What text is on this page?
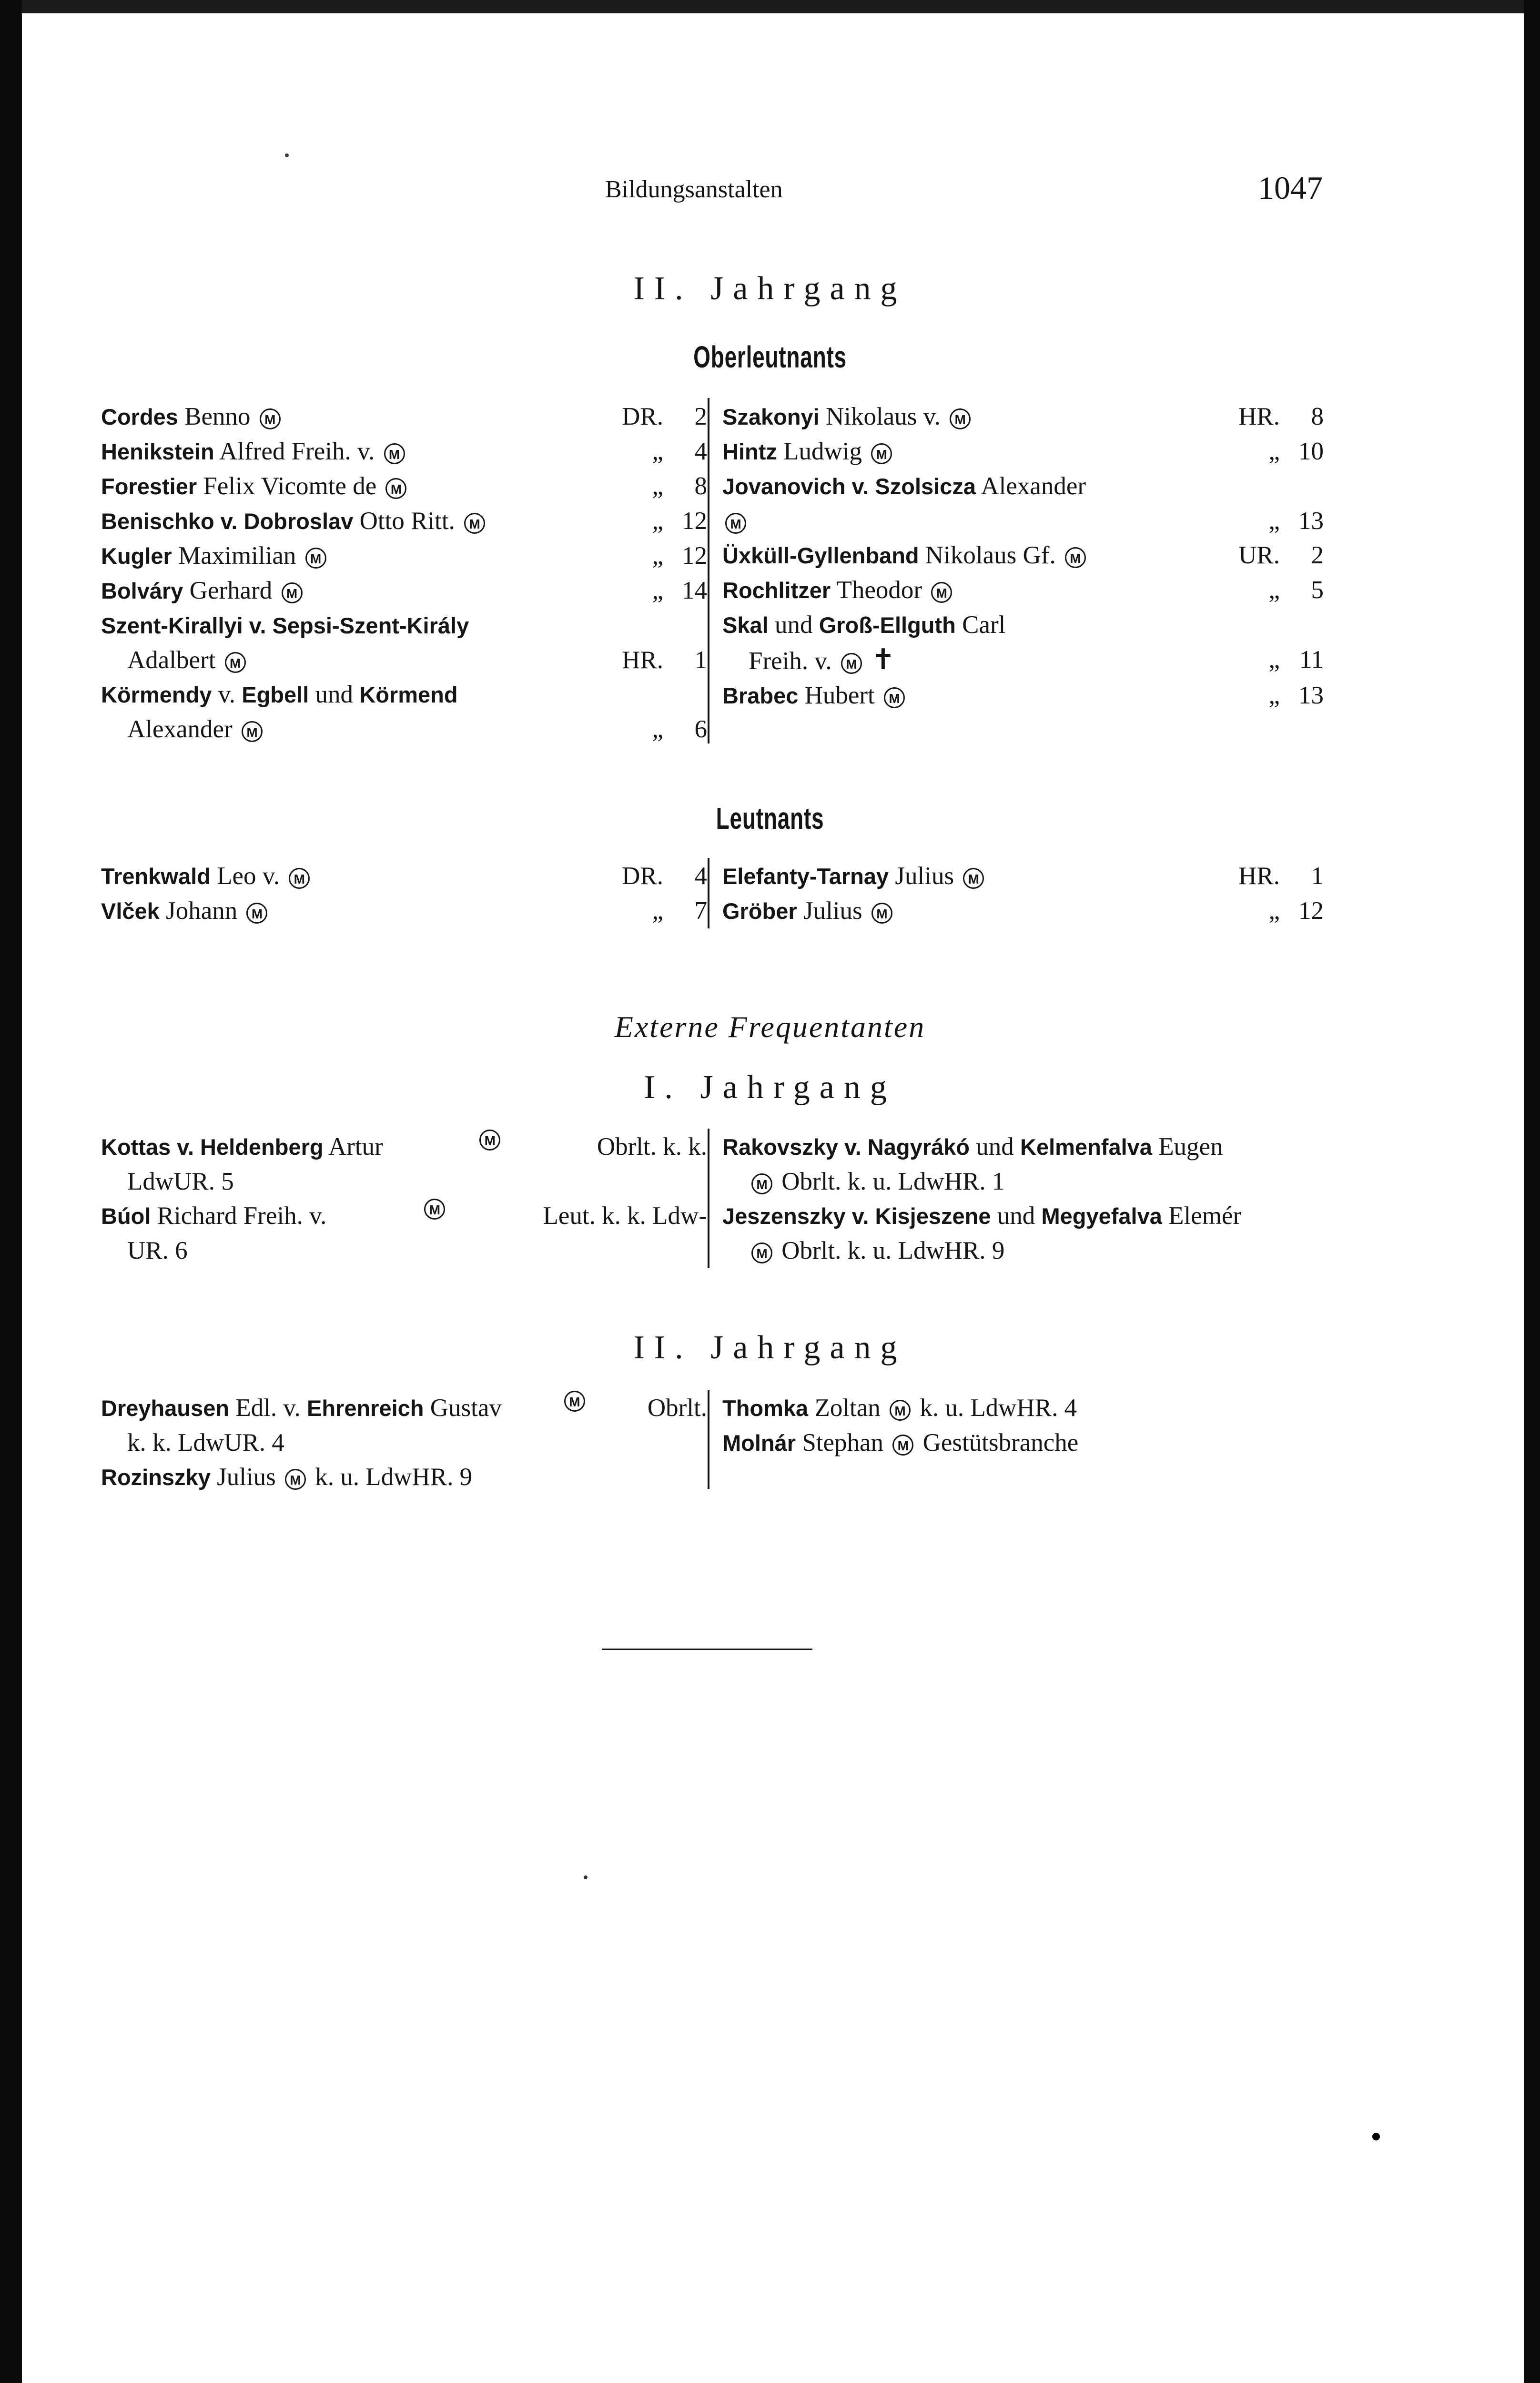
Bildungsanstalten	1047
II. Jahrgang
Oberleutnants
Cordes Benno M	DR. 2
Henikstein Alfred Freih. v. M	„ 4
Forestier Felix Vicomte de M	„ 8
Benischko v. Dobroslav Otto Ritt. M	„ 12
Kugler Maximilian M	„ 12
Bolváry Gerhard M	„ 14
Szent-Kirallyi v. Sepsi-Szent-Király
Adalbert M	HR. 1
Körmendy v. Egbell und Körmend
Alexander M	„ 6
Szakonyi Nikolaus v. M	HR. 8
Hintz Ludwig M	„ 10
Jovanovich v. Szolsicza Alexander
M	„ 13
Üxküll-Gyllenband Nikolaus Gf. M	UR. 2
Rochlitzer Theodor M	„ 5
Skal und Groß-Ellguth Carl
Freih. v. M ✝	„ 11
Brabec Hubert M	„ 13
Leutnants
Trenkwald Leo v. M	DR. 4
Vlček Johann M	„ 7
Elefanty-Tarnay Julius M	HR. 1
Gröber Julius M	„ 12
Externe Frequentanten
I. Jahrgang
Kottas v. Heldenberg Artur	M	Obrlt. k. k.
LdwUR. 5
Búol Richard Freih. v.	M	Leut. k. k. Ldw-
UR. 6
Rakovszky v. Nagyrákó und Kelmenfalva Eugen
M Obrlt. k. u. LdwHR. 1
Jeszenszky v. Kisjeszene und Megyefalva Elemér
M Obrlt. k. u. LdwHR. 9
II. Jahrgang
Dreyhausen Edl. v. Ehrenreich Gustav	M	Obrlt.
k. k. LdwUR. 4
Rozinszky Julius M k. u. LdwHR. 9
Thomka Zoltan M k. u. LdwHR. 4
Molnár Stephan M Gestütsbranche
